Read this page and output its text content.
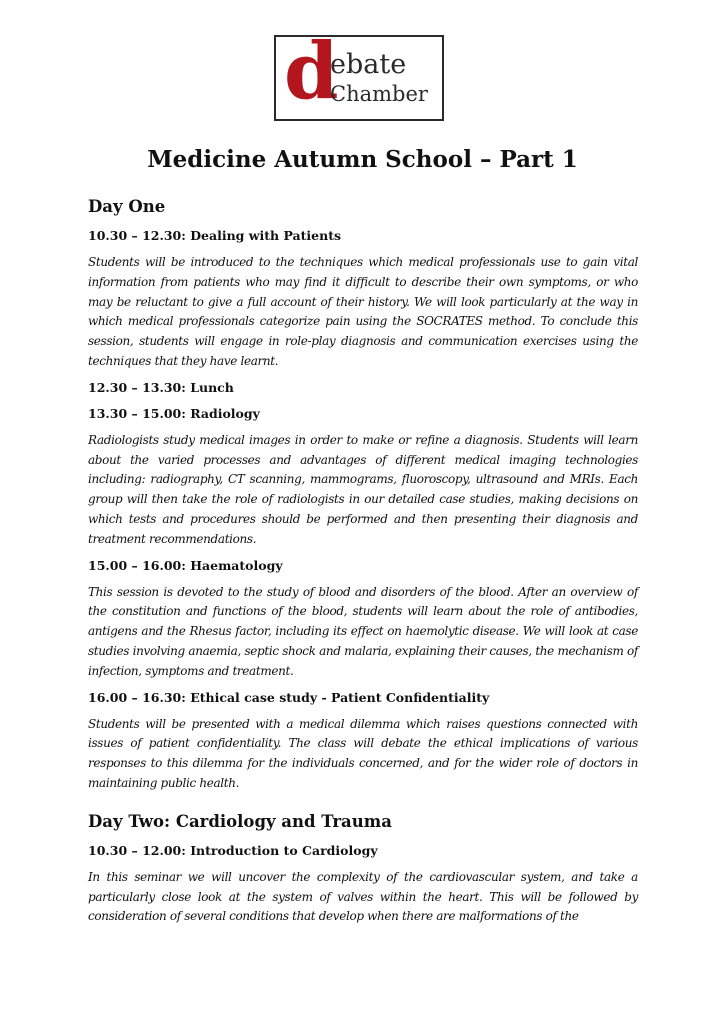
d
ebate
Chamber
Medicine Autumn School – Part 1
Day One
10.30 – 12.30: Dealing with Patients

Students will be introduced to the techniques which medical professionals use to gain vital information from patients who may find it difficult to describe their own symptoms, or who may be reluctant to give a full account of their history. We will look particularly at the way in which medical professionals categorize pain using the SOCRATES method. To conclude this session, students will engage in role-play diagnosis and communication exercises using the techniques that they have learnt.

12.30 – 13.30: Lunch
13.30 – 15.00: Radiology

Radiologists study medical images in order to make or refine a diagnosis. Students will learn about the varied processes and advantages of different medical imaging technologies including: radiography, CT scanning, mammograms, fluoroscopy, ultrasound and MRIs. Each group will then take the role of radiologists in our detailed case studies, making decisions on which tests and procedures should be performed and then presenting their diagnosis and treatment recommendations.

15.00 – 16.00: Haematology

This session is devoted to the study of blood and disorders of the blood. After an overview of the constitution and functions of the blood, students will learn about the role of antibodies, antigens and the Rhesus factor, including its effect on haemolytic disease. We will look at case studies involving anaemia, septic shock and malaria, explaining their causes, the mechanism of infection, symptoms and treatment.

16.00 – 16.30: Ethical case study - Patient Confidentiality

Students will be presented with a medical dilemma which raises questions connected with issues of patient confidentiality. The class will debate the ethical implications of various responses to this dilemma for the individuals concerned, and for the wider role of doctors in maintaining public health.

Day Two: Cardiology and Trauma
10.30 – 12.00: Introduction to Cardiology

In this seminar we will uncover the complexity of the cardiovascular system, and take a particularly close look at the system of valves within the heart. This will be followed by consideration of several conditions that develop when there are malformations of the
